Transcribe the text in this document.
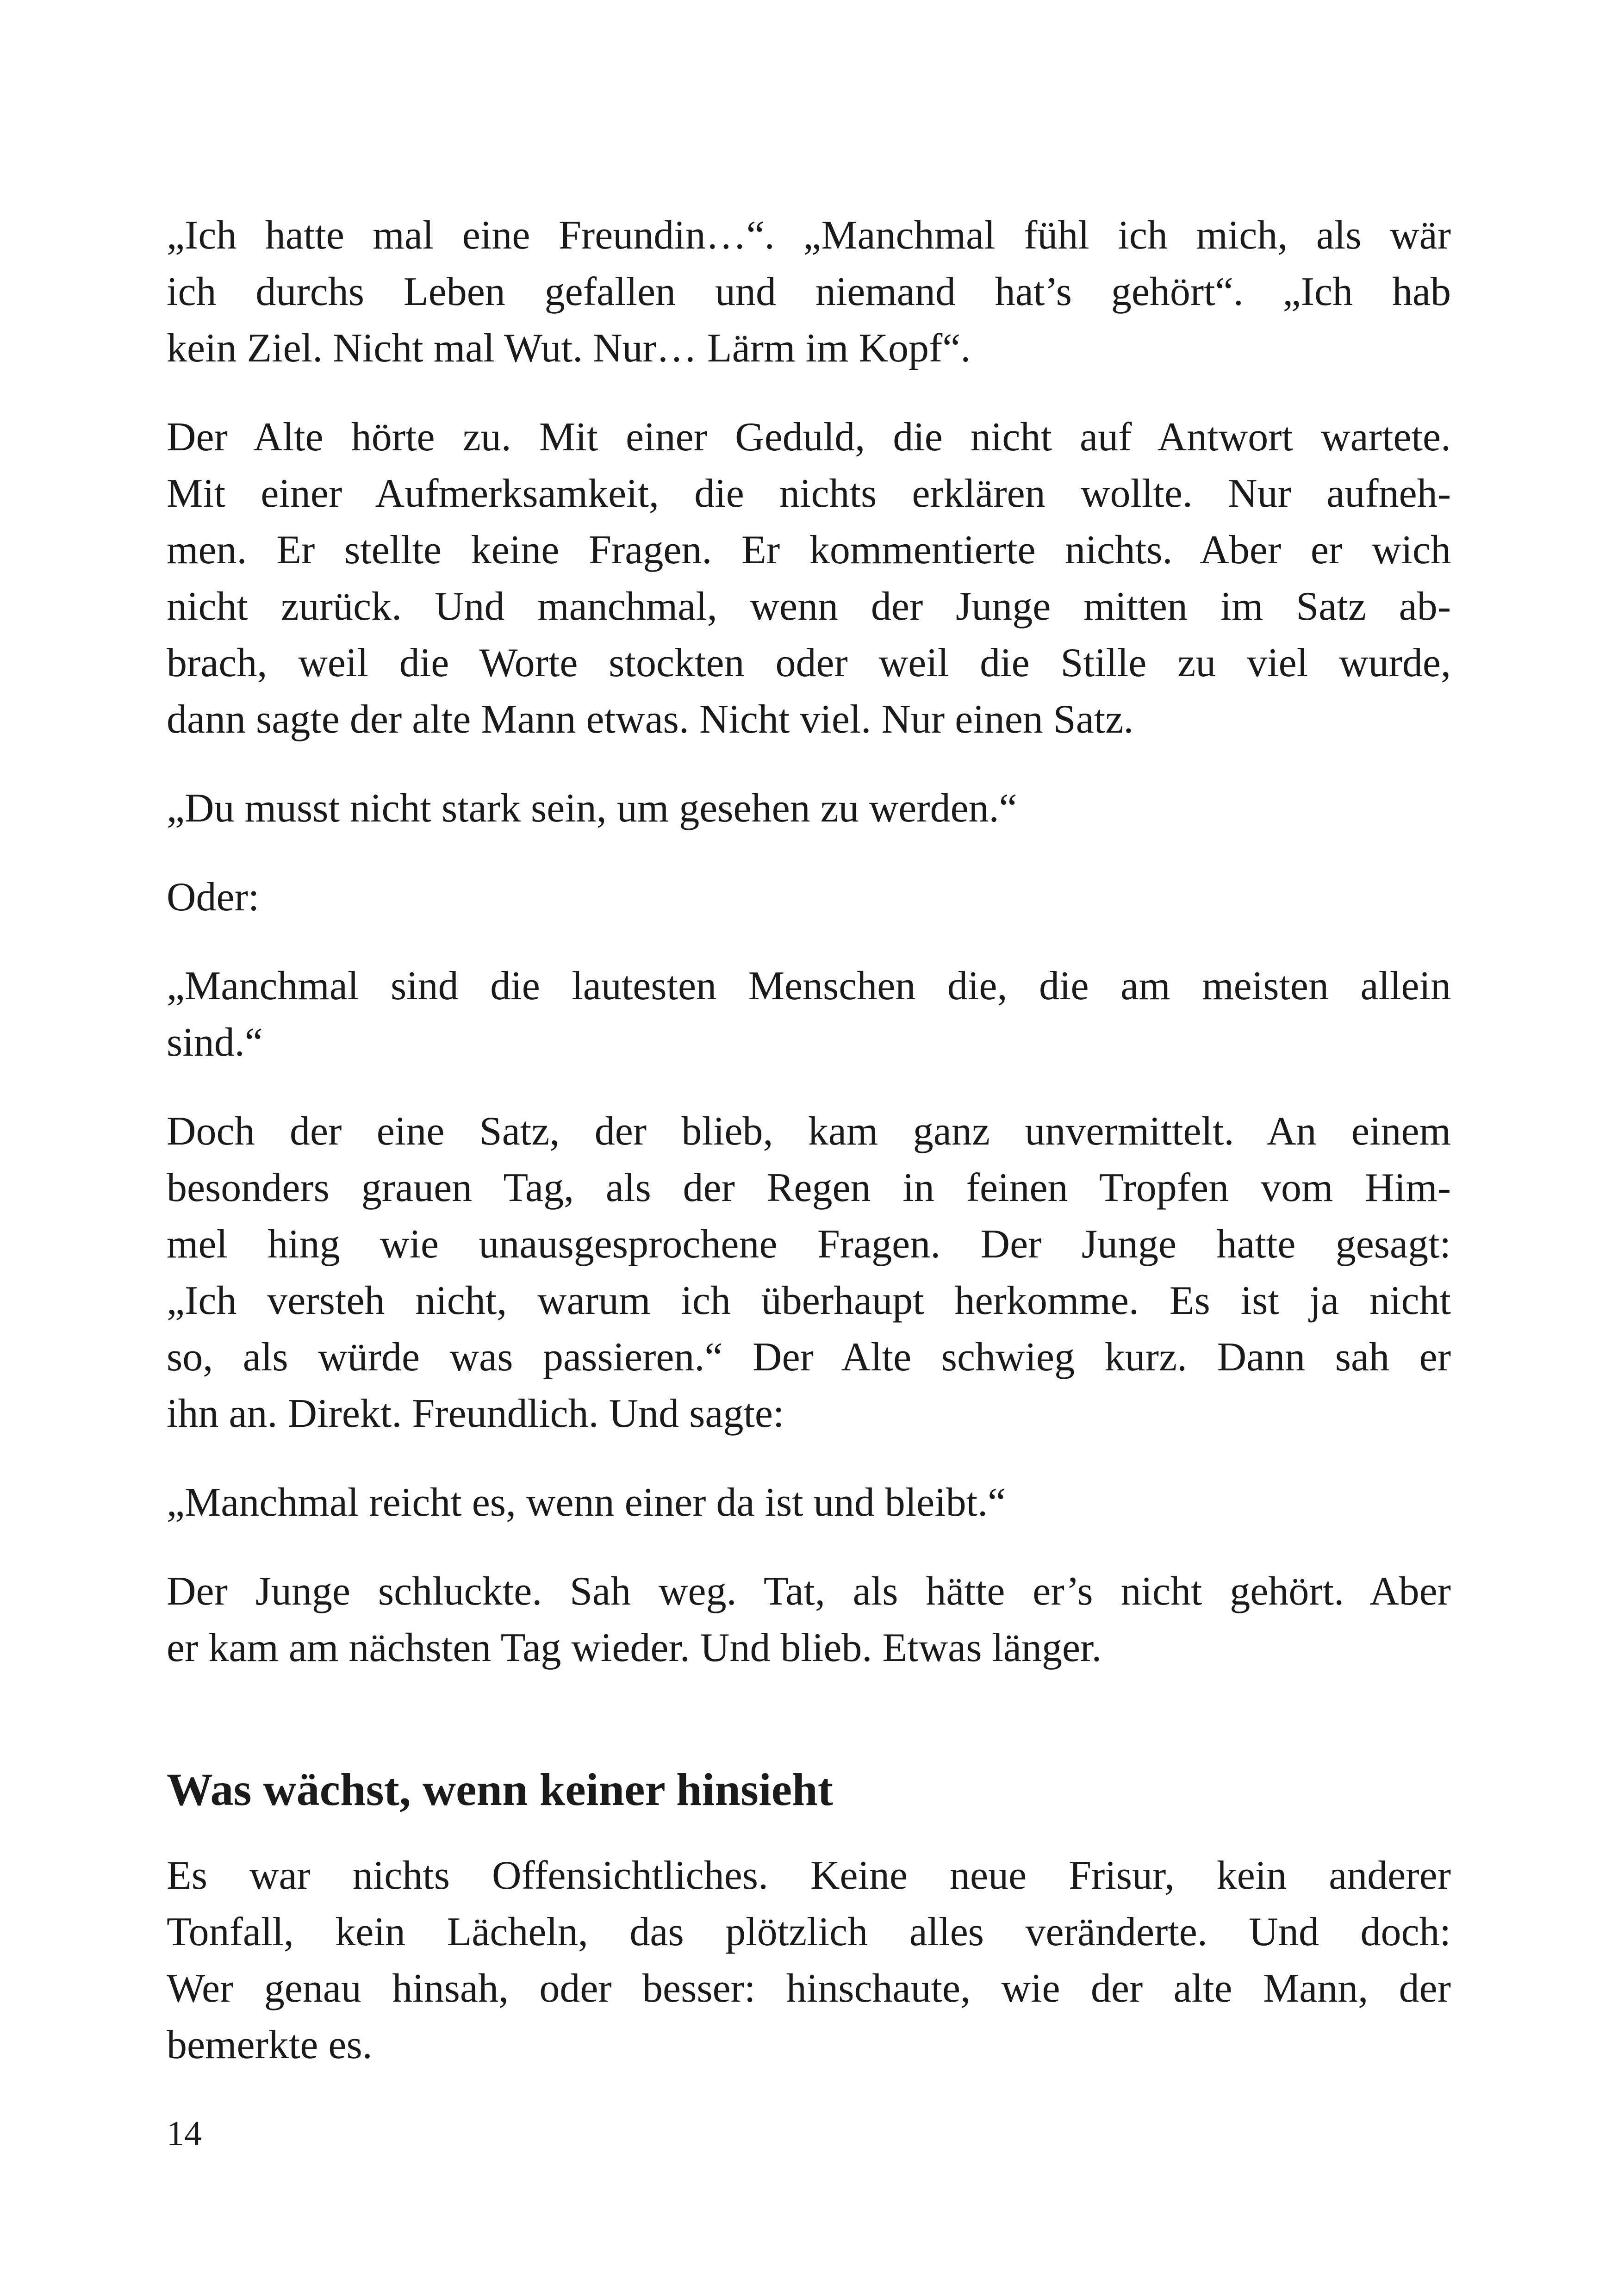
„Ich hatte mal eine Freundin…“. „Manchmal fühl ich mich, als wär
ich durchs Leben gefallen und niemand hat’s gehört“. „Ich hab
kein Ziel. Nicht mal Wut. Nur… Lärm im Kopf“.
Der Alte hörte zu. Mit einer Geduld, die nicht auf Antwort wartete.
Mit einer Aufmerksamkeit, die nichts erklären wollte. Nur aufneh-
men. Er stellte keine Fragen. Er kommentierte nichts. Aber er wich
nicht zurück. Und manchmal, wenn der Junge mitten im Satz ab-
brach, weil die Worte stockten oder weil die Stille zu viel wurde,
dann sagte der alte Mann etwas. Nicht viel. Nur einen Satz.
„Du musst nicht stark sein, um gesehen zu werden.“
Oder:
„Manchmal sind die lautesten Menschen die, die am meisten allein
sind.“
Doch der eine Satz, der blieb, kam ganz unvermittelt. An einem
besonders grauen Tag, als der Regen in feinen Tropfen vom Him-
mel hing wie unausgesprochene Fragen. Der Junge hatte gesagt:
„Ich versteh nicht, warum ich überhaupt herkomme. Es ist ja nicht
so, als würde was passieren.“ Der Alte schwieg kurz. Dann sah er
ihn an. Direkt. Freundlich. Und sagte:
„Manchmal reicht es, wenn einer da ist und bleibt.“
Der Junge schluckte. Sah weg. Tat, als hätte er’s nicht gehört. Aber
er kam am nächsten Tag wieder. Und blieb. Etwas länger.
Was wächst, wenn keiner hinsieht
Es war nichts Offensichtliches. Keine neue Frisur, kein anderer
Tonfall, kein Lächeln, das plötzlich alles veränderte. Und doch:
Wer genau hinsah, oder besser: hinschaute, wie der alte Mann, der
bemerkte es.
14
